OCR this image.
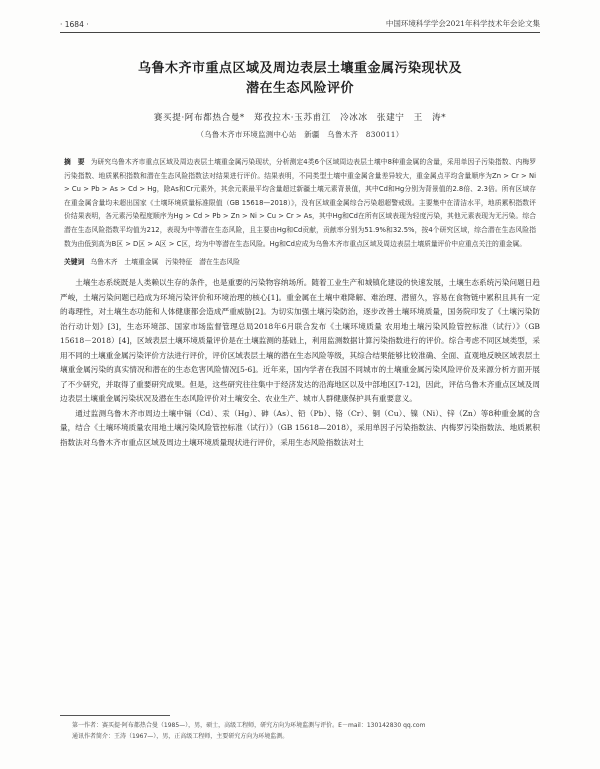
· 1684 ·	中国环境科学学会2021年科学技术年会论文集
乌鲁木齐市重点区域及周边表层土壤重金属污染现状及
潜在生态风险评价
赛买提·阿布都热合曼*　郑孜拉木·玉苏甫江　冷冰冰　张建宁　王　涛*
（乌鲁木齐市环境监测中心站　新疆　乌鲁木齐　830011）
摘　要 为研究乌鲁木齐市重点区域及周边表层土壤重金属污染现状，分析测定4类6个区域周边表层土壤中8种重金属的含量，采用单因子污染指数、内梅罗污染指数、地质累积指数和潜在生态风险指数法对结果进行评价。结果表明，不同类型土壤中重金属含量差异较大，重金属点平均含量顺序为Zn > Cr > Ni > Cu > Pb > As > Cd > Hg，除As和Cr元素外，其余元素最平均含量超过新疆土壤元素背景值，其中Cd和Hg分别为背景值的2.8倍、2.3倍。所有区域存在重金属含量均未超出国家《土壤环境质量标准限值（GB 15618—2018）》，没有区域重金属综合污染超超警戒级。主要集中在清洁水平，地质累积指数评价结果表明，各元素污染程度顺序为Hg > Cd > Pb > Zn > Ni > Cu > Cr > As，其中Hg和Cd在所有区域表现为轻度污染，其他元素表现为无污染。综合潜在生态风险指数平均值为212，表现为中等潜在生态风险，且主要由Hg和Cd贡献，贡献率分别为51.9%和32.5%，按4个研究区域，综合潜在生态风险指数为由低到高为B区 > D区 > A区 > C区，均为中等潜在生态风险。Hg和Cd应成为乌鲁木齐市重点区域及周边表层土壤质量评价中应重点关注的重金属。
关键词 乌鲁木齐　土壤重金属　污染特征　潜在生态风险

土壤生态系统既是人类赖以生存的条件，也是重要的污染物容纳场所。随着工业生产和城镇化建设的快速发展，土壤生态系统污染问题日趋严峻，土壤污染问题已趋成为环境污染评价和环境治理的核心[1]。重金属在土壤中难降解、难治理、潜留久，容易在食物链中累积且具有一定的毒理性，对土壤生态功能和人体健康都会造成严重威胁[2]。为切实加强土壤污染防治，逐步改善土壤环境质量，国务院印发了《土壤污染防治行动计划》[3]，生态环境部、国家市场监督管理总局2018年6月联合发布《土壤环境质量 农用地土壤污染风险管控标准（试行）》（GB 15618－2018）[4]，区域表层土壤环境质量评价是在土壤监测的基础上，利用监测数据计算污染指数进行的评价。综合考虑不同区域类型，采用不同的土壤重金属污染评价方法进行评价，评价区域表层土壤的潜在生态风险等级，其综合结果能够比较准确、全面、直观地反映区域表层土壤重金属污染的真实情况和潜在的生态危害风险情况[5-6]。近年来，国内学者在我国不同城市的土壤重金属污染风险评价及来源分析方面开展了不少研究，并取得了重要研究成果。但是，这些研究往往集中于经济发达的沿海地区以及中部地区[7-12]，因此，评估乌鲁木齐重点区域及周边表层土壤重金属污染状况及潜在生态风险评价对土壤安全、农业生产、城市人群健康保护具有重要意义。

通过监测乌鲁木齐市周边土壤中镉（Cd）、汞（Hg）、砷（As）、铅（Pb）、铬（Cr）、铜（Cu）、镍（Ni）、锌（Zn）等8种重金属的含量，结合《土壤环境质量农用地土壤污染风险管控标准（试行）》（GB 15618—2018），采用单因子污染指数法、内梅罗污染指数法、地质累积指数法对乌鲁木齐市重点区域及周边土壤环境质量现状进行评价，采用生态风险指数法对土

第一作者：赛买提·阿布都热合曼（1985—），男，硕士，高级工程师，研究方向为环境监测与评价。E－mail：130142830 qq.com

通讯作者简介：王涛（1967—），男，正高级工程师，主要研究方向为环境监测。
